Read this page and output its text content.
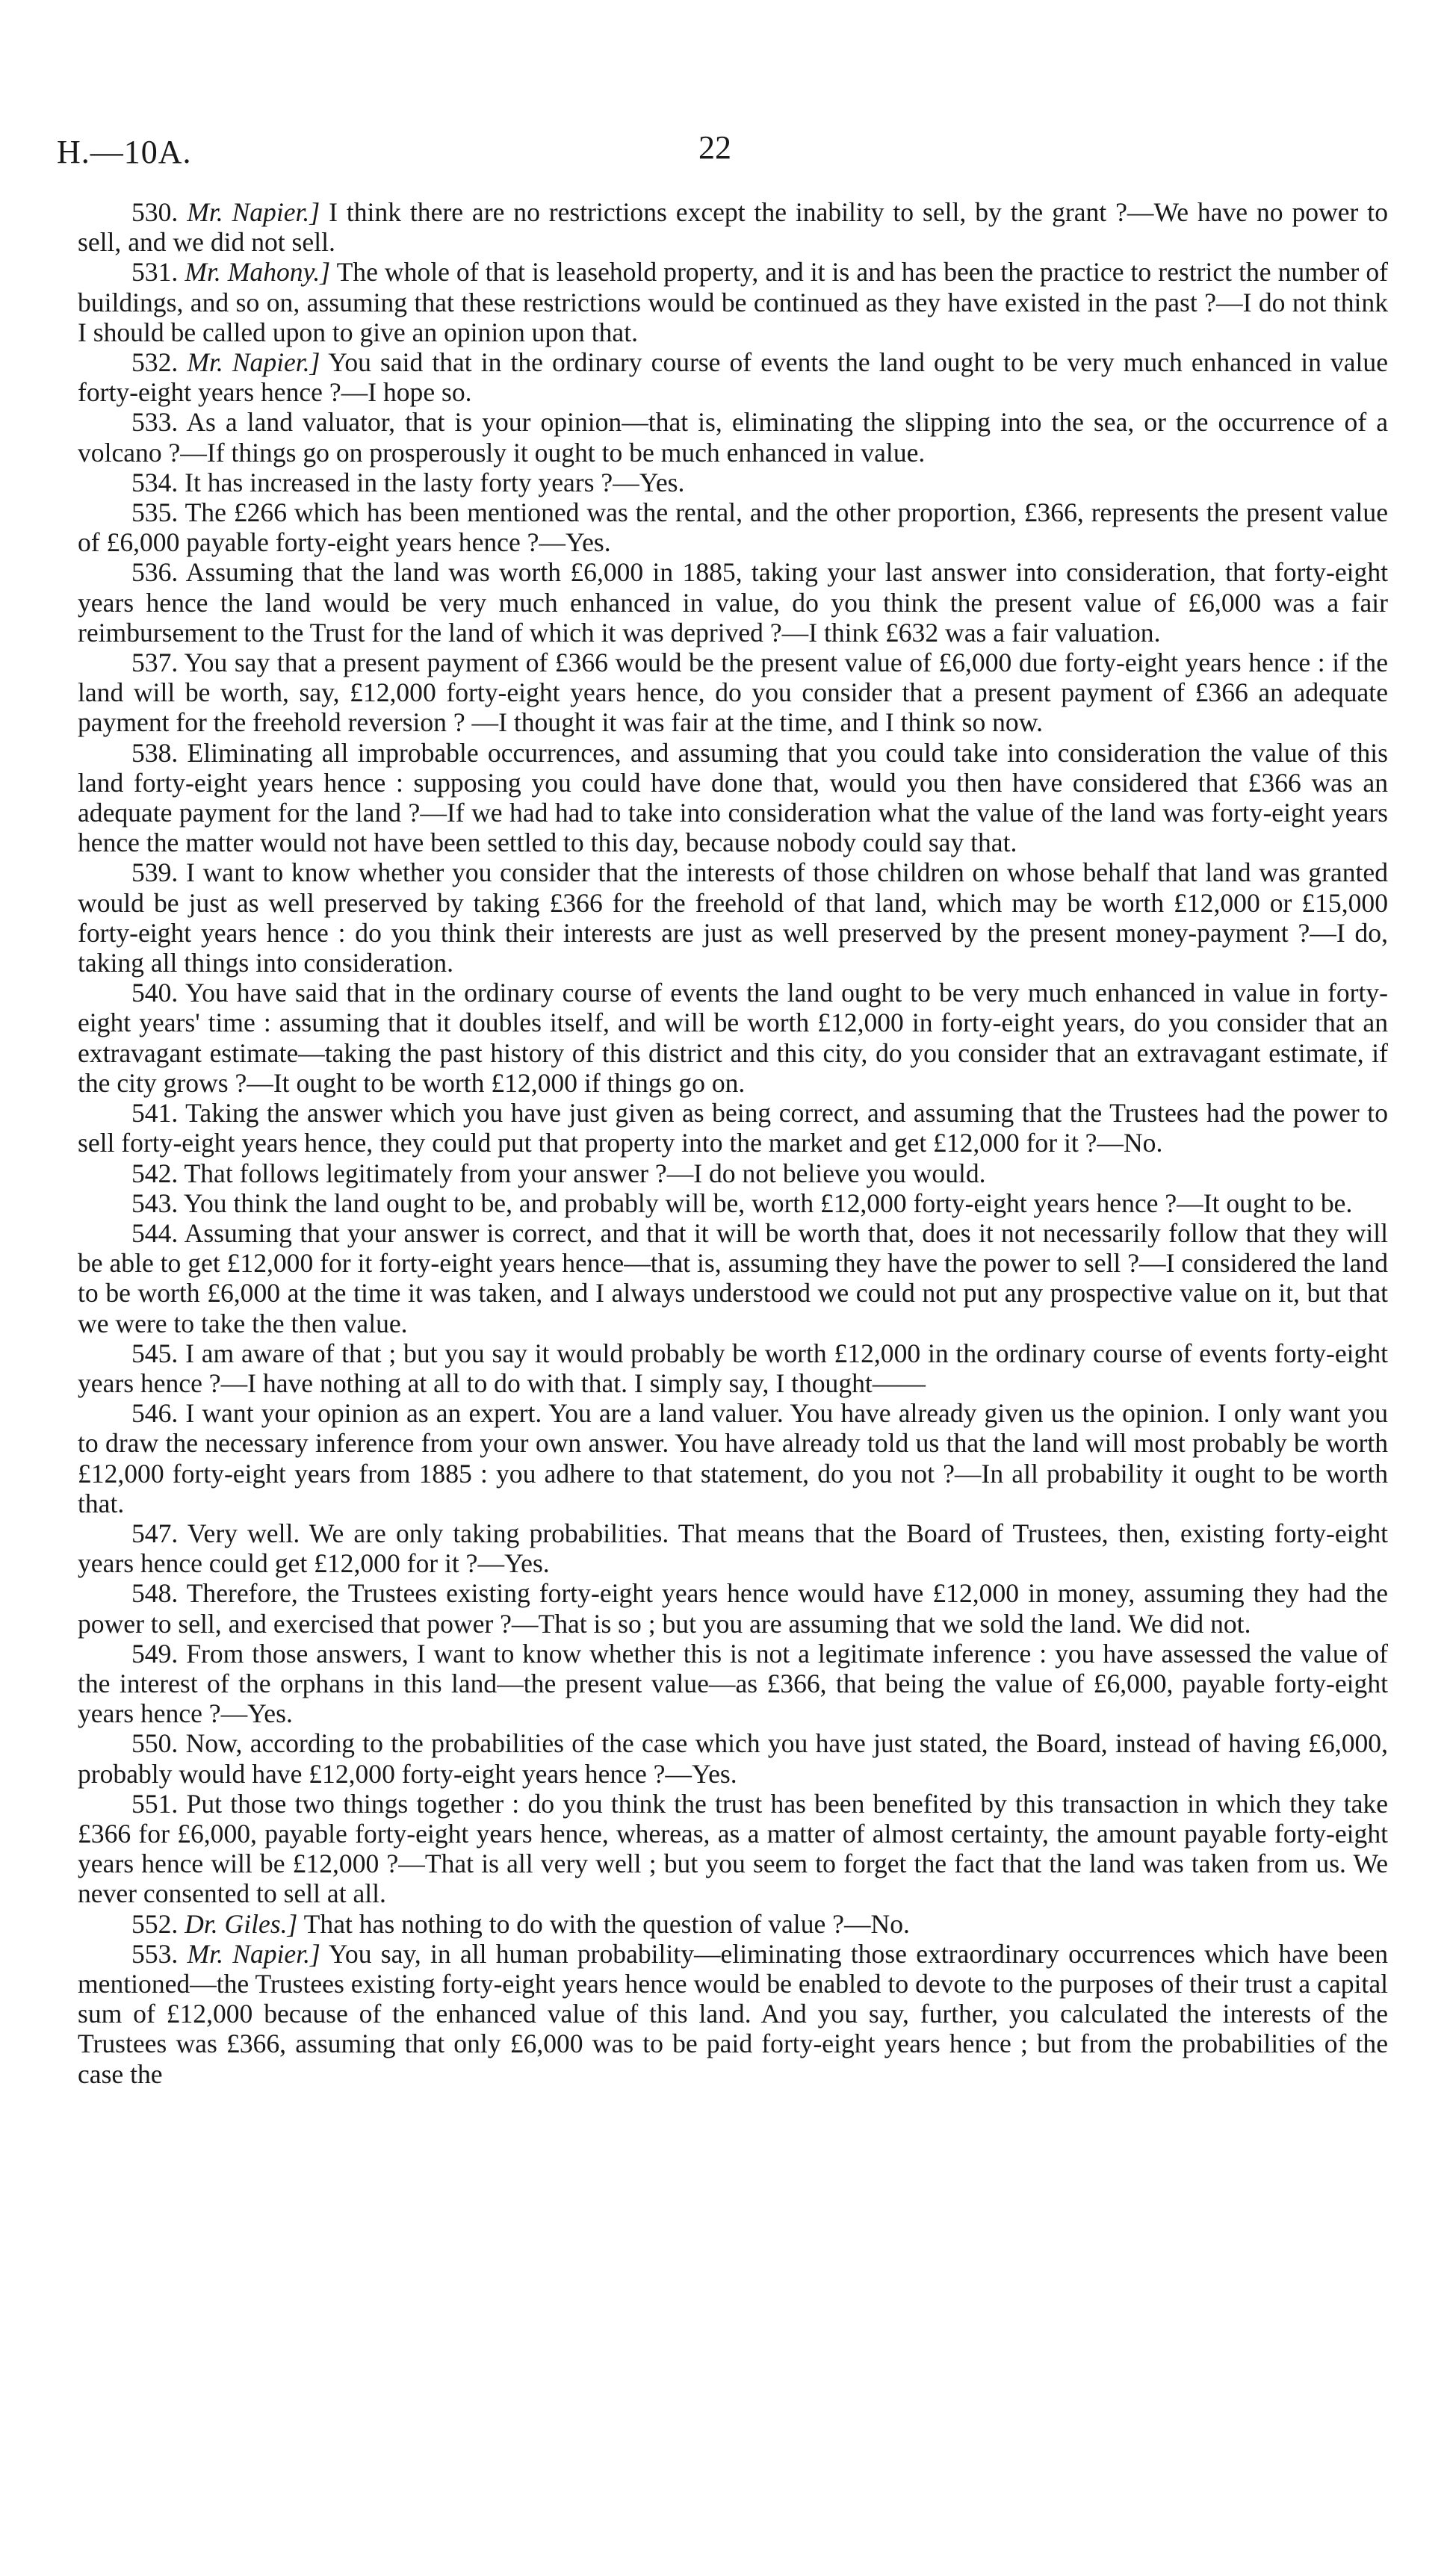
H.—10A.	22

530. Mr. Napier.] I think there are no restrictions except the inability to sell, by the grant ?—We have no power to sell, and we did not sell.

531. Mr. Mahony.] The whole of that is leasehold property, and it is and has been the practice to restrict the number of buildings, and so on, assuming that these restrictions would be continued as they have existed in the past ?—I do not think I should be called upon to give an opinion upon that.

532. Mr. Napier.] You said that in the ordinary course of events the land ought to be very much enhanced in value forty-eight years hence ?—I hope so.

533. As a land valuator, that is your opinion—that is, eliminating the slipping into the sea, or the occurrence of a volcano ?—If things go on prosperously it ought to be much enhanced in value.

534. It has increased in the lasty forty years ?—Yes.

535. The £266 which has been mentioned was the rental, and the other proportion, £366, represents the present value of £6,000 payable forty-eight years hence ?—Yes.

536. Assuming that the land was worth £6,000 in 1885, taking your last answer into consideration, that forty-eight years hence the land would be very much enhanced in value, do you think the present value of £6,000 was a fair reimbursement to the Trust for the land of which it was deprived ?—I think £632 was a fair valuation.

537. You say that a present payment of £366 would be the present value of £6,000 due forty-eight years hence : if the land will be worth, say, £12,000 forty-eight years hence, do you consider that a present payment of £366 an adequate payment for the freehold reversion ? —I thought it was fair at the time, and I think so now.

538. Eliminating all improbable occurrences, and assuming that you could take into consideration the value of this land forty-eight years hence : supposing you could have done that, would you then have considered that £366 was an adequate payment for the land ?—If we had had to take into consideration what the value of the land was forty-eight years hence the matter would not have been settled to this day, because nobody could say that.

539. I want to know whether you consider that the interests of those children on whose behalf that land was granted would be just as well preserved by taking £366 for the freehold of that land, which may be worth £12,000 or £15,000 forty-eight years hence : do you think their interests are just as well preserved by the present money-payment ?—I do, taking all things into consideration.

540. You have said that in the ordinary course of events the land ought to be very much enhanced in value in forty-eight years' time : assuming that it doubles itself, and will be worth £12,000 in forty-eight years, do you consider that an extravagant estimate—taking the past history of this district and this city, do you consider that an extravagant estimate, if the city grows ?—It ought to be worth £12,000 if things go on.

541. Taking the answer which you have just given as being correct, and assuming that the Trustees had the power to sell forty-eight years hence, they could put that property into the market and get £12,000 for it ?—No.

542. That follows legitimately from your answer ?—I do not believe you would.

543. You think the land ought to be, and probably will be, worth £12,000 forty-eight years hence ?—It ought to be.

544. Assuming that your answer is correct, and that it will be worth that, does it not necessarily follow that they will be able to get £12,000 for it forty-eight years hence—that is, assuming they have the power to sell ?—I considered the land to be worth £6,000 at the time it was taken, and I always understood we could not put any prospective value on it, but that we were to take the then value.

545. I am aware of that ; but you say it would probably be worth £12,000 in the ordinary course of events forty-eight years hence ?—I have nothing at all to do with that. I simply say, I thought——

546. I want your opinion as an expert. You are a land valuer. You have already given us the opinion. I only want you to draw the necessary inference from your own answer. You have already told us that the land will most probably be worth £12,000 forty-eight years from 1885 : you adhere to that statement, do you not ?—In all probability it ought to be worth that.

547. Very well. We are only taking probabilities. That means that the Board of Trustees, then, existing forty-eight years hence could get £12,000 for it ?—Yes.

548. Therefore, the Trustees existing forty-eight years hence would have £12,000 in money, assuming they had the power to sell, and exercised that power ?—That is so ; but you are assuming that we sold the land. We did not.

549. From those answers, I want to know whether this is not a legitimate inference : you have assessed the value of the interest of the orphans in this land—the present value—as £366, that being the value of £6,000, payable forty-eight years hence ?—Yes.

550. Now, according to the probabilities of the case which you have just stated, the Board, instead of having £6,000, probably would have £12,000 forty-eight years hence ?—Yes.

551. Put those two things together : do you think the trust has been benefited by this transaction in which they take £366 for £6,000, payable forty-eight years hence, whereas, as a matter of almost certainty, the amount payable forty-eight years hence will be £12,000 ?—That is all very well ; but you seem to forget the fact that the land was taken from us. We never consented to sell at all.

552. Dr. Giles.] That has nothing to do with the question of value ?—No.

553. Mr. Napier.] You say, in all human probability—eliminating those extraordinary occurrences which have been mentioned—the Trustees existing forty-eight years hence would be enabled to devote to the purposes of their trust a capital sum of £12,000 because of the enhanced value of this land. And you say, further, you calculated the interests of the Trustees was £366, assuming that only £6,000 was to be paid forty-eight years hence ; but from the probabilities of the case the
